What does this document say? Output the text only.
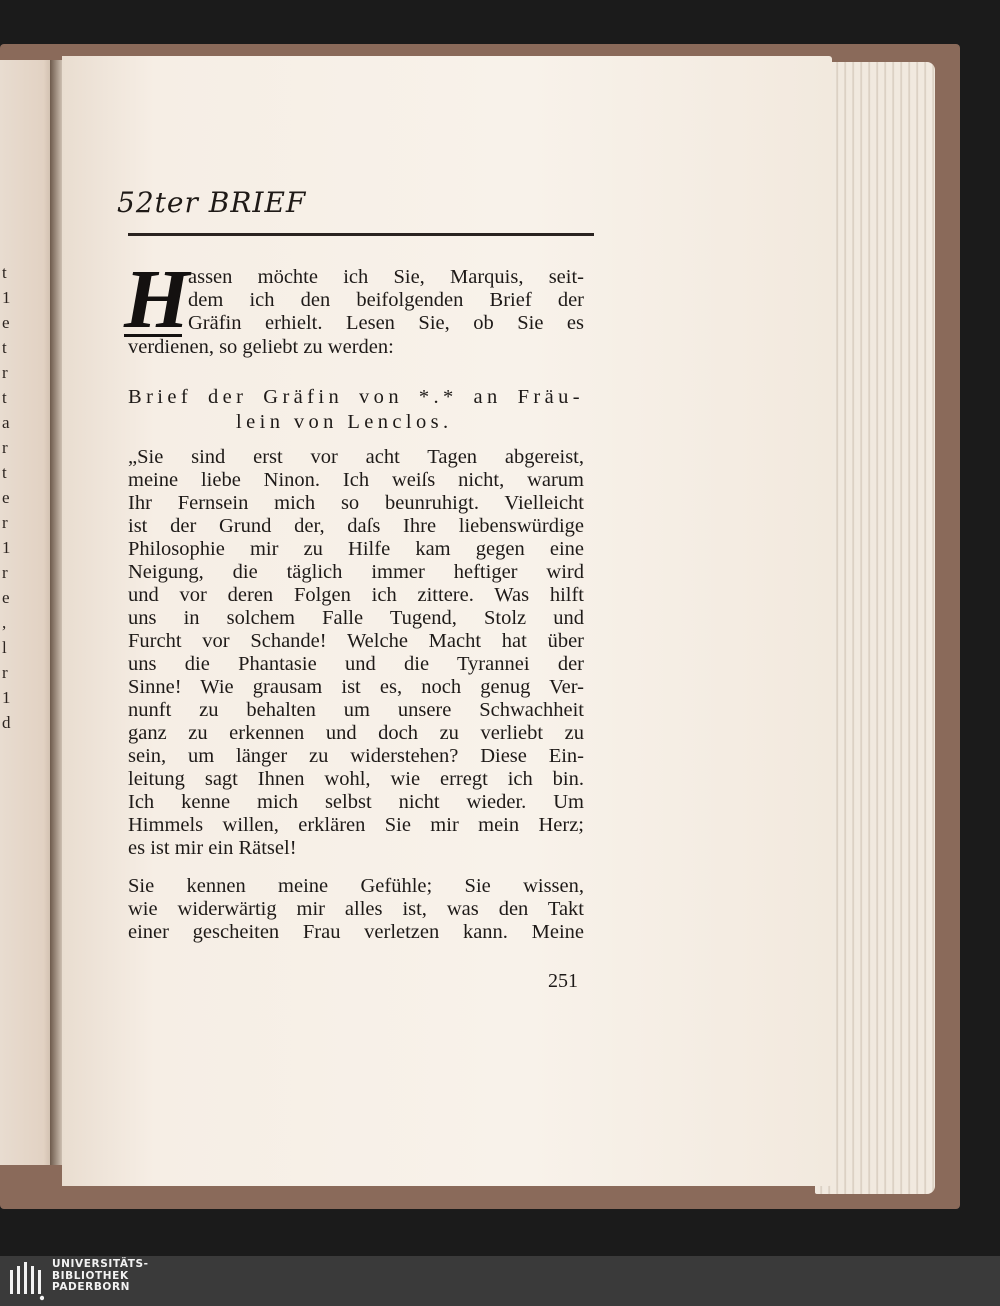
t
1
e
t
r
t
a
r
t
e
r
1
r
e
,
l
r
1
d
52ter BRIEF
H
assen möchte ich Sie, Marquis, seit-
dem ich den beifolgenden Brief der
Gräfin erhielt. Lesen Sie, ob Sie es
verdienen, so geliebt zu werden:
Brief der Gräfin von *.* an Fräu-
lein von Lenclos.
„Sie sind erst vor acht Tagen abgereist,
meine liebe Ninon. Ich weiſs nicht, warum
Ihr Fernsein mich so beunruhigt. Vielleicht
ist der Grund der, daſs Ihre liebenswürdige
Philosophie mir zu Hilfe kam gegen eine
Neigung, die täglich immer heftiger wird
und vor deren Folgen ich zittere. Was hilft
uns in solchem Falle Tugend, Stolz und
Furcht vor Schande! Welche Macht hat über
uns die Phantasie und die Tyrannei der
Sinne! Wie grausam ist es, noch genug Ver-
nunft zu behalten um unsere Schwachheit
ganz zu erkennen und doch zu verliebt zu
sein, um länger zu widerstehen? Diese Ein-
leitung sagt Ihnen wohl, wie erregt ich bin.
Ich kenne mich selbst nicht wieder. Um
Himmels willen, erklären Sie mir mein Herz;
es ist mir ein Rätsel!
Sie kennen meine Gefühle; Sie wissen,
wie widerwärtig mir alles ist, was den Takt
einer gescheiten Frau verletzen kann. Meine
251
UNIVERSITÄTS-
BIBLIOTHEK
PADERBORN
